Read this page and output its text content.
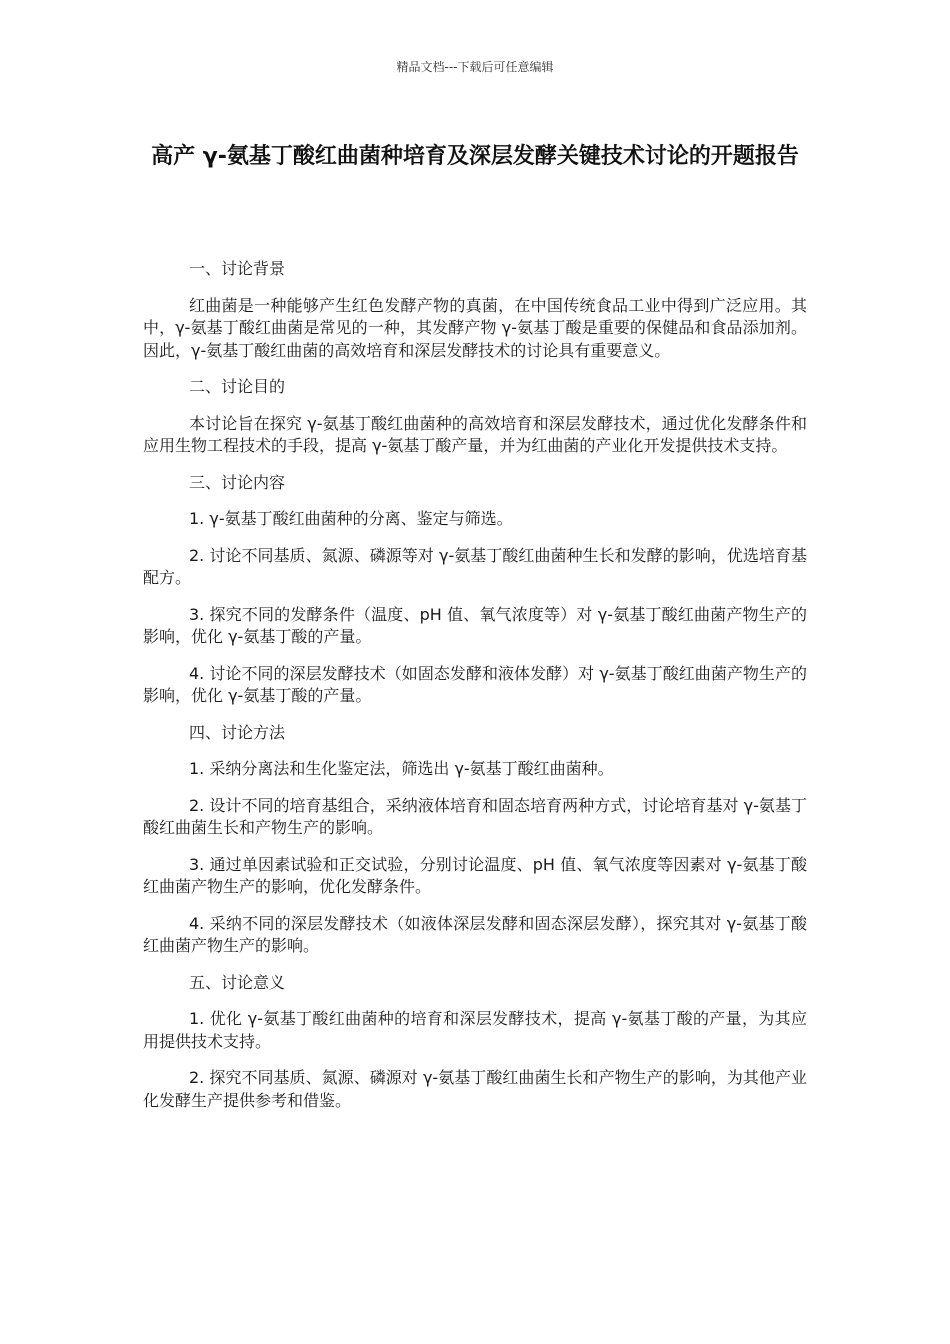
精品文档---下载后可任意编辑
高产 γ-氨基丁酸红曲菌种培育及深层发酵关键技术讨论的开题报告

一、讨论背景

红曲菌是一种能够产生红色发酵产物的真菌，在中国传统食品工业中得到广泛应用。其中，γ-氨基丁酸红曲菌是常见的一种，其发酵产物 γ-氨基丁酸是重要的保健品和食品添加剂。因此，γ-氨基丁酸红曲菌的高效培育和深层发酵技术的讨论具有重要意义。

二、讨论目的

本讨论旨在探究 γ-氨基丁酸红曲菌种的高效培育和深层发酵技术，通过优化发酵条件和应用生物工程技术的手段，提高 γ-氨基丁酸产量，并为红曲菌的产业化开发提供技术支持。

三、讨论内容

1. γ-氨基丁酸红曲菌种的分离、鉴定与筛选。

2. 讨论不同基质、氮源、磷源等对 γ-氨基丁酸红曲菌种生长和发酵的影响，优选培育基配方。

3. 探究不同的发酵条件（温度、pH 值、氧气浓度等）对 γ-氨基丁酸红曲菌产物生产的影响，优化 γ-氨基丁酸的产量。

4. 讨论不同的深层发酵技术（如固态发酵和液体发酵）对 γ-氨基丁酸红曲菌产物生产的影响，优化 γ-氨基丁酸的产量。

四、讨论方法

1. 采纳分离法和生化鉴定法，筛选出 γ-氨基丁酸红曲菌种。

2. 设计不同的培育基组合，采纳液体培育和固态培育两种方式，讨论培育基对 γ-氨基丁酸红曲菌生长和产物生产的影响。

3. 通过单因素试验和正交试验，分别讨论温度、pH 值、氧气浓度等因素对 γ-氨基丁酸红曲菌产物生产的影响，优化发酵条件。

4. 采纳不同的深层发酵技术（如液体深层发酵和固态深层发酵），探究其对 γ-氨基丁酸红曲菌产物生产的影响。

五、讨论意义

1. 优化 γ-氨基丁酸红曲菌种的培育和深层发酵技术，提高 γ-氨基丁酸的产量，为其应用提供技术支持。

2. 探究不同基质、氮源、磷源对 γ-氨基丁酸红曲菌生长和产物生产的影响，为其他产业化发酵生产提供参考和借鉴。
